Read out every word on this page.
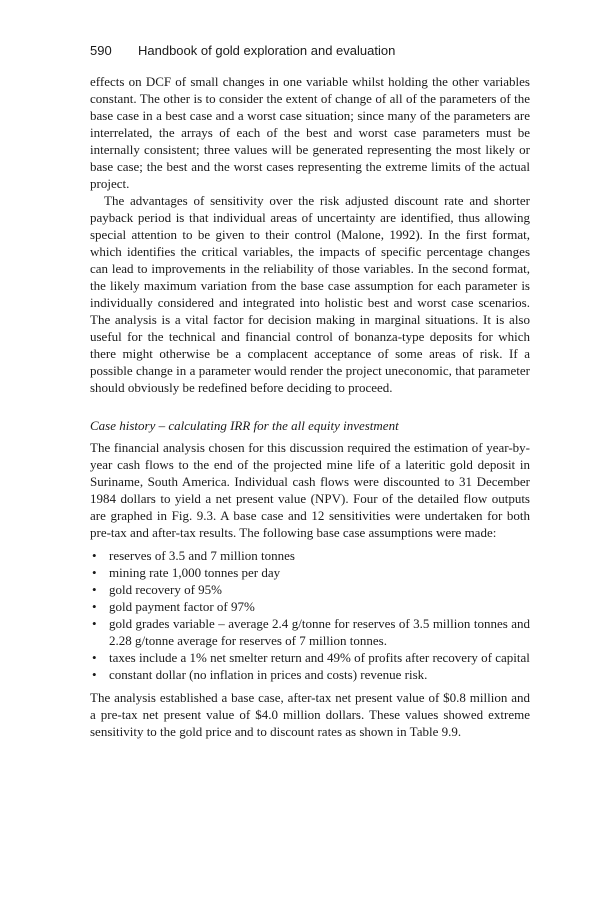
590 Handbook of gold exploration and evaluation

effects on DCF of small changes in one variable whilst holding the other variables constant. The other is to consider the extent of change of all of the parameters of the base case in a best case and a worst case situation; since many of the parameters are interrelated, the arrays of each of the best and worst case parameters must be internally consistent; three values will be generated representing the most likely or base case; the best and the worst cases representing the extreme limits of the actual project.

The advantages of sensitivity over the risk adjusted discount rate and shorter payback period is that individual areas of uncertainty are identified, thus allowing special attention to be given to their control (Malone, 1992). In the first format, which identifies the critical variables, the impacts of specific percentage changes can lead to improvements in the reliability of those variables. In the second format, the likely maximum variation from the base case assumption for each parameter is individually considered and integrated into holistic best and worst case scenarios. The analysis is a vital factor for decision making in marginal situations. It is also useful for the technical and financial control of bonanza-type deposits for which there might otherwise be a complacent acceptance of some areas of risk. If a possible change in a parameter would render the project uneconomic, that parameter should obviously be redefined before deciding to proceed.

Case history – calculating IRR for the all equity investment

The financial analysis chosen for this discussion required the estimation of year-by-year cash flows to the end of the projected mine life of a lateritic gold deposit in Suriname, South America. Individual cash flows were discounted to 31 December 1984 dollars to yield a net present value (NPV). Four of the detailed flow outputs are graphed in Fig. 9.3. A base case and 12 sensitivities were undertaken for both pre-tax and after-tax results. The following base case assumptions were made:

• reserves of 3.5 and 7 million tonnes
• mining rate 1,000 tonnes per day
• gold recovery of 95%
• gold payment factor of 97%
• gold grades variable – average 2.4 g/tonne for reserves of 3.5 million tonnes and 2.28 g/tonne average for reserves of 7 million tonnes.
• taxes include a 1% net smelter return and 49% of profits after recovery of capital
• constant dollar (no inflation in prices and costs) revenue risk.

The analysis established a base case, after-tax net present value of $0.8 million and a pre-tax net present value of $4.0 million dollars. These values showed extreme sensitivity to the gold price and to discount rates as shown in Table 9.9.
